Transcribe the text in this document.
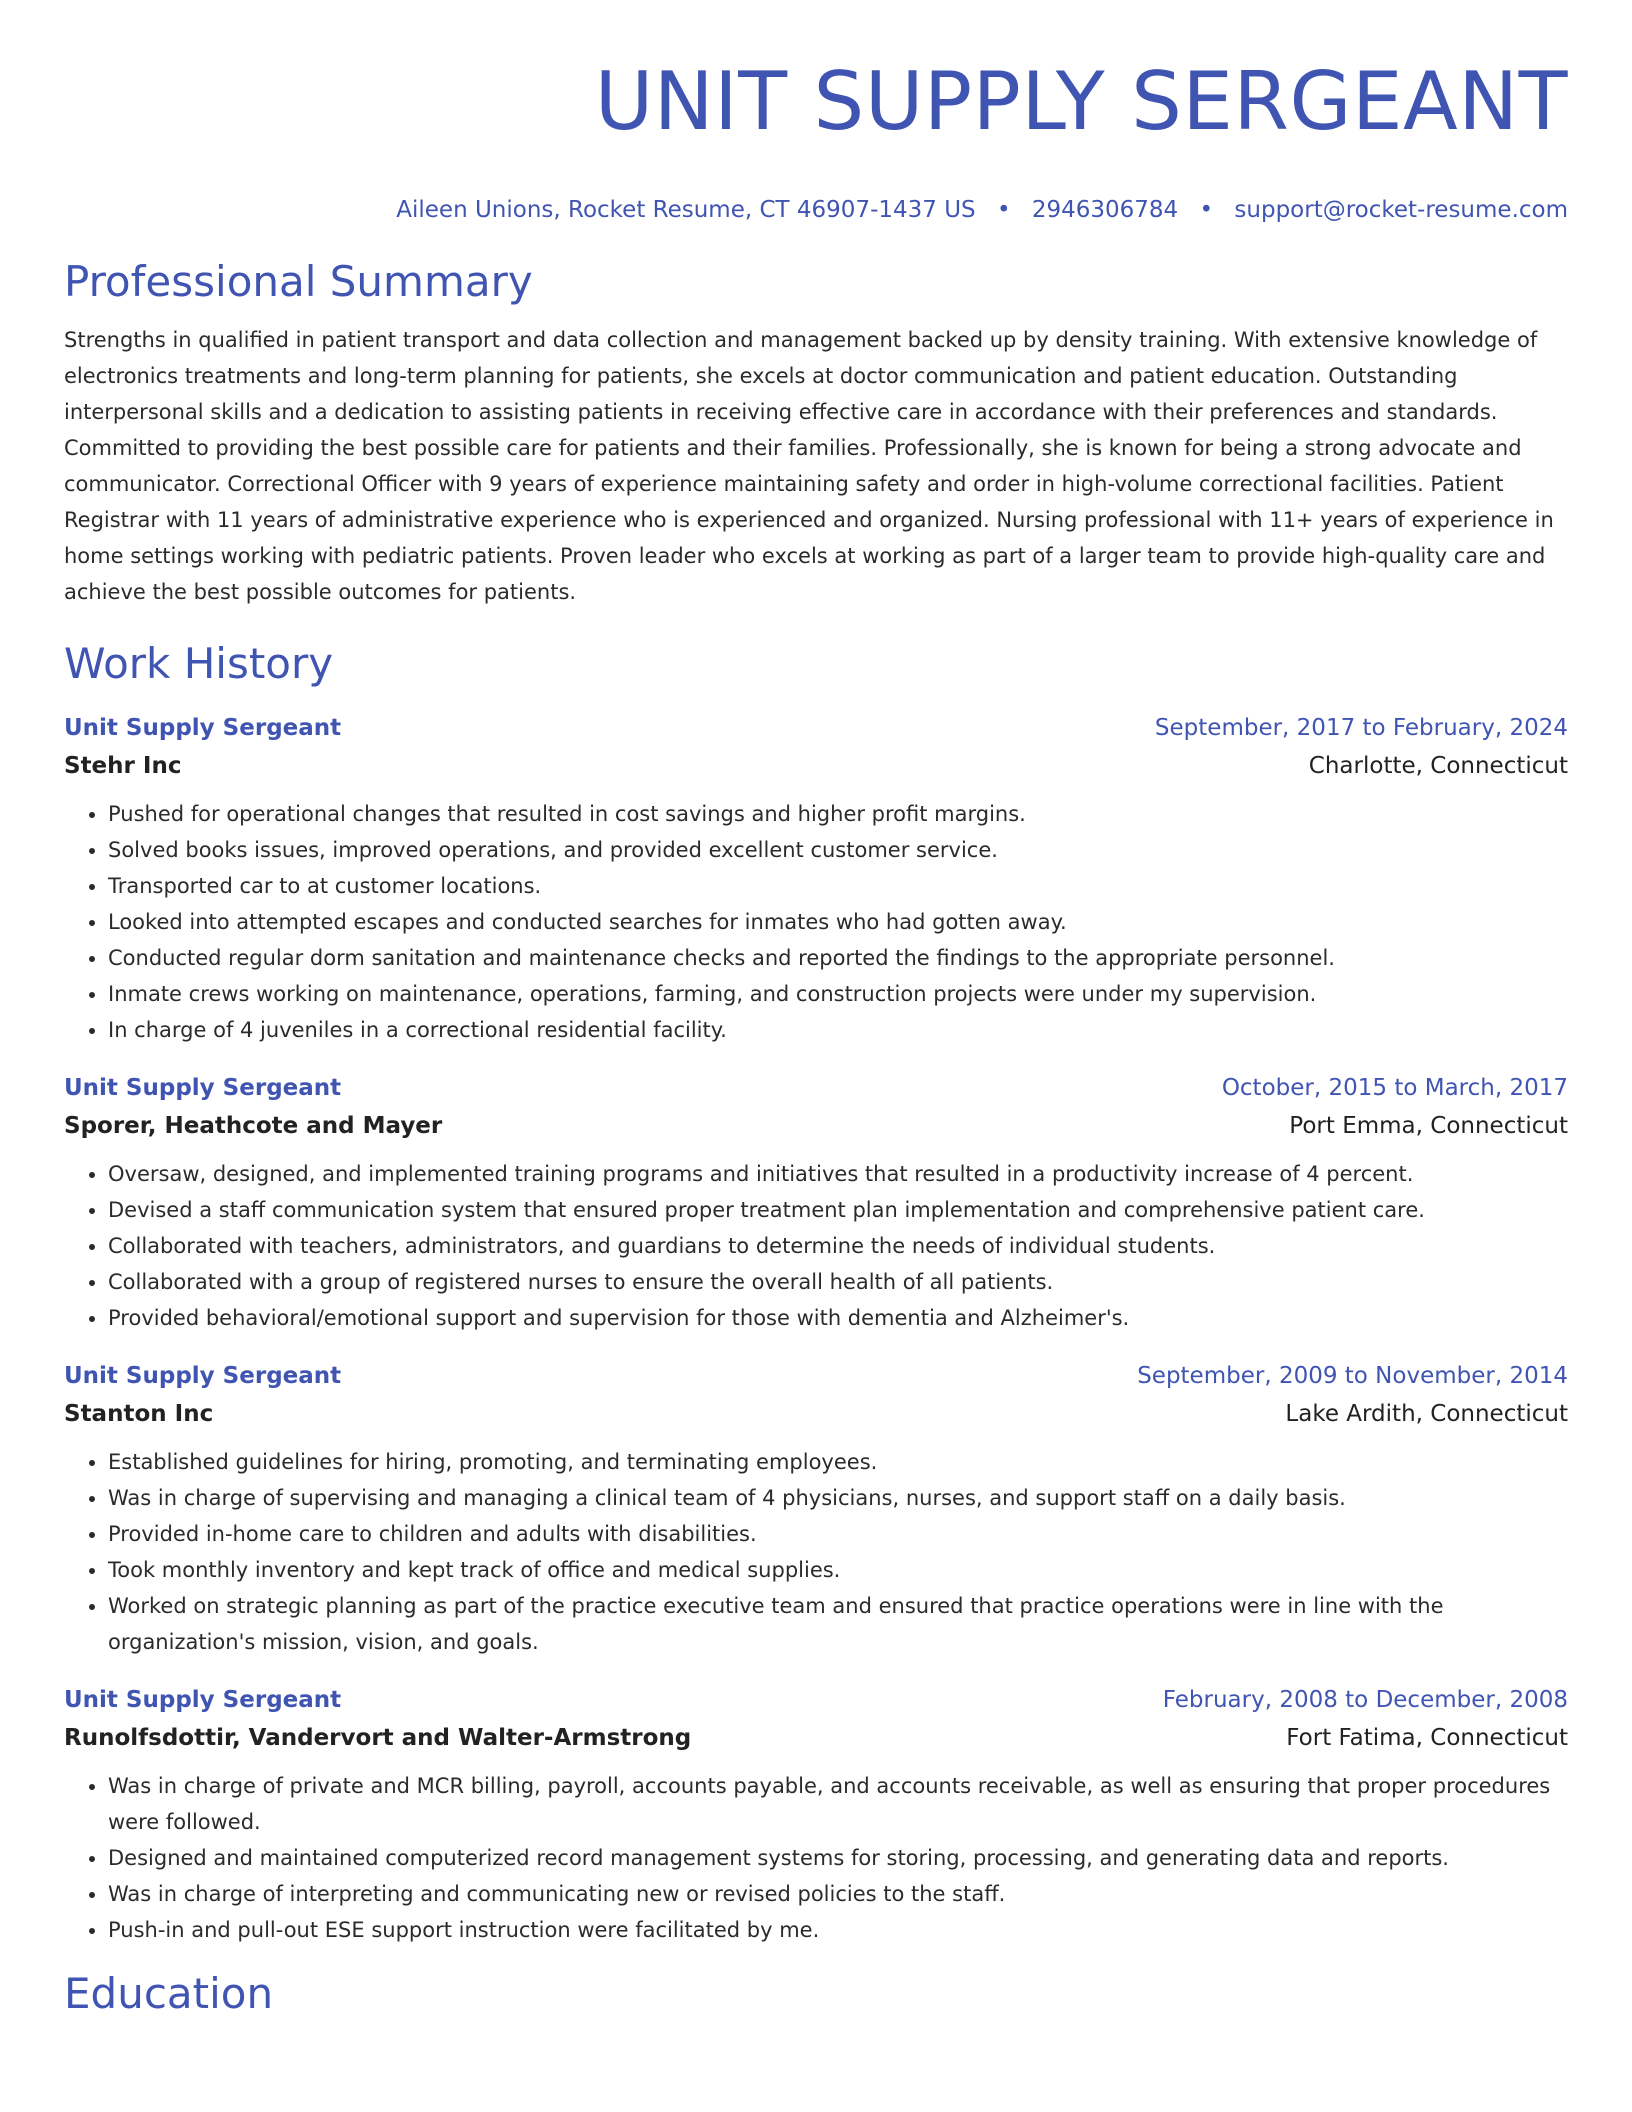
UNIT SUPPLY SERGEANT
Aileen Unions, Rocket Resume, CT 46907-1437 US • 2946306784 • support@rocket-resume.com
Professional Summary

Strengths in qualified in patient transport and data collection and management backed up by density training. With extensive knowledge of electronics treatments and long-term planning for patients, she excels at doctor communication and patient education. Outstanding interpersonal skills and a dedication to assisting patients in receiving effective care in accordance with their preferences and standards. Committed to providing the best possible care for patients and their families. Professionally, she is known for being a strong advocate and communicator. Correctional Officer with 9 years of experience maintaining safety and order in high-volume correctional facilities. Patient Registrar with 11 years of administrative experience who is experienced and organized. Nursing professional with 11+ years of experience in home settings working with pediatric patients. Proven leader who excels at working as part of a larger team to provide high-quality care and achieve the best possible outcomes for patients.

Work History
Unit Supply Sergeant	September, 2017 to February, 2024
Stehr Inc	Charlotte, Connecticut
• Pushed for operational changes that resulted in cost savings and higher profit margins.
• Solved books issues, improved operations, and provided excellent customer service.
• Transported car to at customer locations.
• Looked into attempted escapes and conducted searches for inmates who had gotten away.
• Conducted regular dorm sanitation and maintenance checks and reported the findings to the appropriate personnel.
• Inmate crews working on maintenance, operations, farming, and construction projects were under my supervision.
• In charge of 4 juveniles in a correctional residential facility.
Unit Supply Sergeant	October, 2015 to March, 2017
Sporer, Heathcote and Mayer	Port Emma, Connecticut
• Oversaw, designed, and implemented training programs and initiatives that resulted in a productivity increase of 4 percent.
• Devised a staff communication system that ensured proper treatment plan implementation and comprehensive patient care.
• Collaborated with teachers, administrators, and guardians to determine the needs of individual students.
• Collaborated with a group of registered nurses to ensure the overall health of all patients.
• Provided behavioral/emotional support and supervision for those with dementia and Alzheimer's.
Unit Supply Sergeant	September, 2009 to November, 2014
Stanton Inc	Lake Ardith, Connecticut
• Established guidelines for hiring, promoting, and terminating employees.
• Was in charge of supervising and managing a clinical team of 4 physicians, nurses, and support staff on a daily basis.
• Provided in-home care to children and adults with disabilities.
• Took monthly inventory and kept track of office and medical supplies.
• Worked on strategic planning as part of the practice executive team and ensured that practice operations were in line with the organization's mission, vision, and goals.
Unit Supply Sergeant	February, 2008 to December, 2008
Runolfsdottir, Vandervort and Walter-Armstrong	Fort Fatima, Connecticut
• Was in charge of private and MCR billing, payroll, accounts payable, and accounts receivable, as well as ensuring that proper procedures were followed.
• Designed and maintained computerized record management systems for storing, processing, and generating data and reports.
• Was in charge of interpreting and communicating new or revised policies to the staff.
• Push-in and pull-out ESE support instruction were facilitated by me.
Education
